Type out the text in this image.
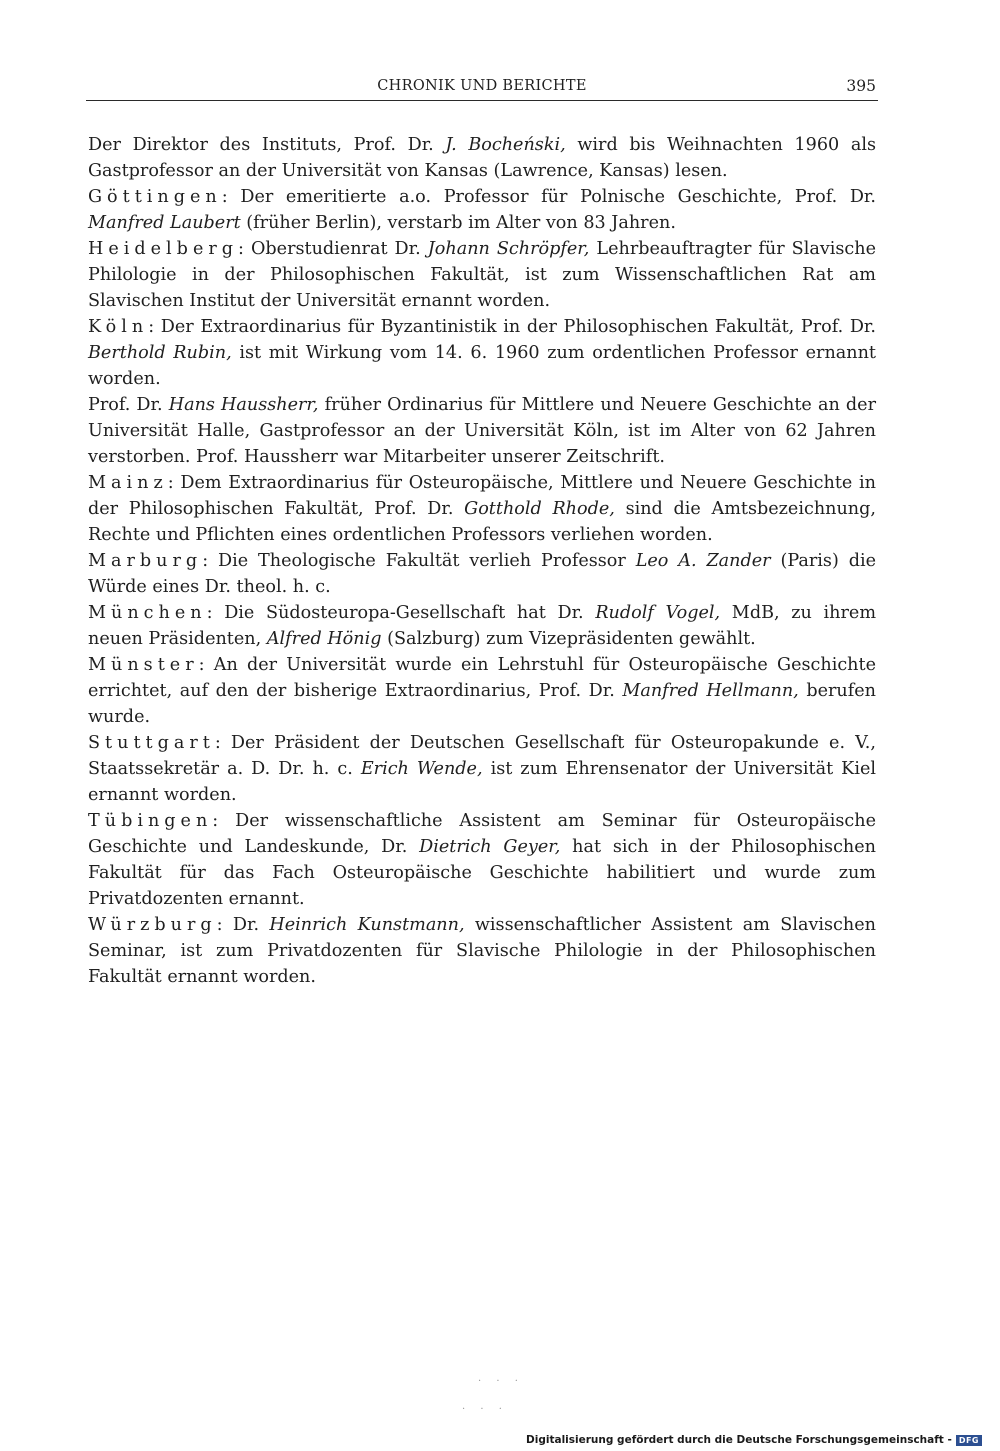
CHRONIK UND BERICHTE	395

Der Direktor des Instituts, Prof. Dr. J. Bocheński, wird bis Weihnachten 1960 als Gastprofessor an der Universität von Kansas (Lawrence, Kansas) lesen.

Göttingen: Der emeritierte a.o. Professor für Polnische Geschichte, Prof. Dr. Manfred Laubert (früher Berlin), verstarb im Alter von 83 Jahren.

Heidelberg: Oberstudienrat Dr. Johann Schröpfer, Lehrbeauftragter für Slavische Philologie in der Philosophischen Fakultät, ist zum Wissenschaftlichen Rat am Slavischen Institut der Universität ernannt worden.

Köln: Der Extraordinarius für Byzantinistik in der Philosophischen Fakultät, Prof. Dr. Berthold Rubin, ist mit Wirkung vom 14. 6. 1960 zum ordentlichen Professor ernannt worden.

Prof. Dr. Hans Haussherr, früher Ordinarius für Mittlere und Neuere Geschichte an der Universität Halle, Gastprofessor an der Universität Köln, ist im Alter von 62 Jahren verstorben. Prof. Haussherr war Mitarbeiter unserer Zeitschrift.

Mainz: Dem Extraordinarius für Osteuropäische, Mittlere und Neuere Geschichte in der Philosophischen Fakultät, Prof. Dr. Gotthold Rhode, sind die Amtsbezeichnung, Rechte und Pflichten eines ordentlichen Professors verliehen worden.

Marburg: Die Theologische Fakultät verlieh Professor Leo A. Zander (Paris) die Würde eines Dr. theol. h. c.

München: Die Südosteuropa-Gesellschaft hat Dr. Rudolf Vogel, MdB, zu ihrem neuen Präsidenten, Alfred Hönig (Salzburg) zum Vizepräsidenten gewählt.

Münster: An der Universität wurde ein Lehrstuhl für Osteuropäische Geschichte errichtet, auf den der bisherige Extraordinarius, Prof. Dr. Manfred Hellmann, berufen wurde.

Stuttgart: Der Präsident der Deutschen Gesellschaft für Osteuropakunde e. V., Staatssekretär a. D. Dr. h. c. Erich Wende, ist zum Ehrensenator der Universität Kiel ernannt worden.

Tübingen: Der wissenschaftliche Assistent am Seminar für Osteuropäische Geschichte und Landeskunde, Dr. Dietrich Geyer, hat sich in der Philosophischen Fakultät für das Fach Osteuropäische Geschichte habilitiert und wurde zum Privatdozenten ernannt.

Würzburg: Dr. Heinrich Kunstmann, wissenschaftlicher Assistent am Slavischen Seminar, ist zum Privatdozenten für Slavische Philologie in der Philosophischen Fakultät ernannt worden.

· · ·
· · ·
Digitalisierung gefördert durch die Deutsche Forschungsgemeinschaft - DFG
